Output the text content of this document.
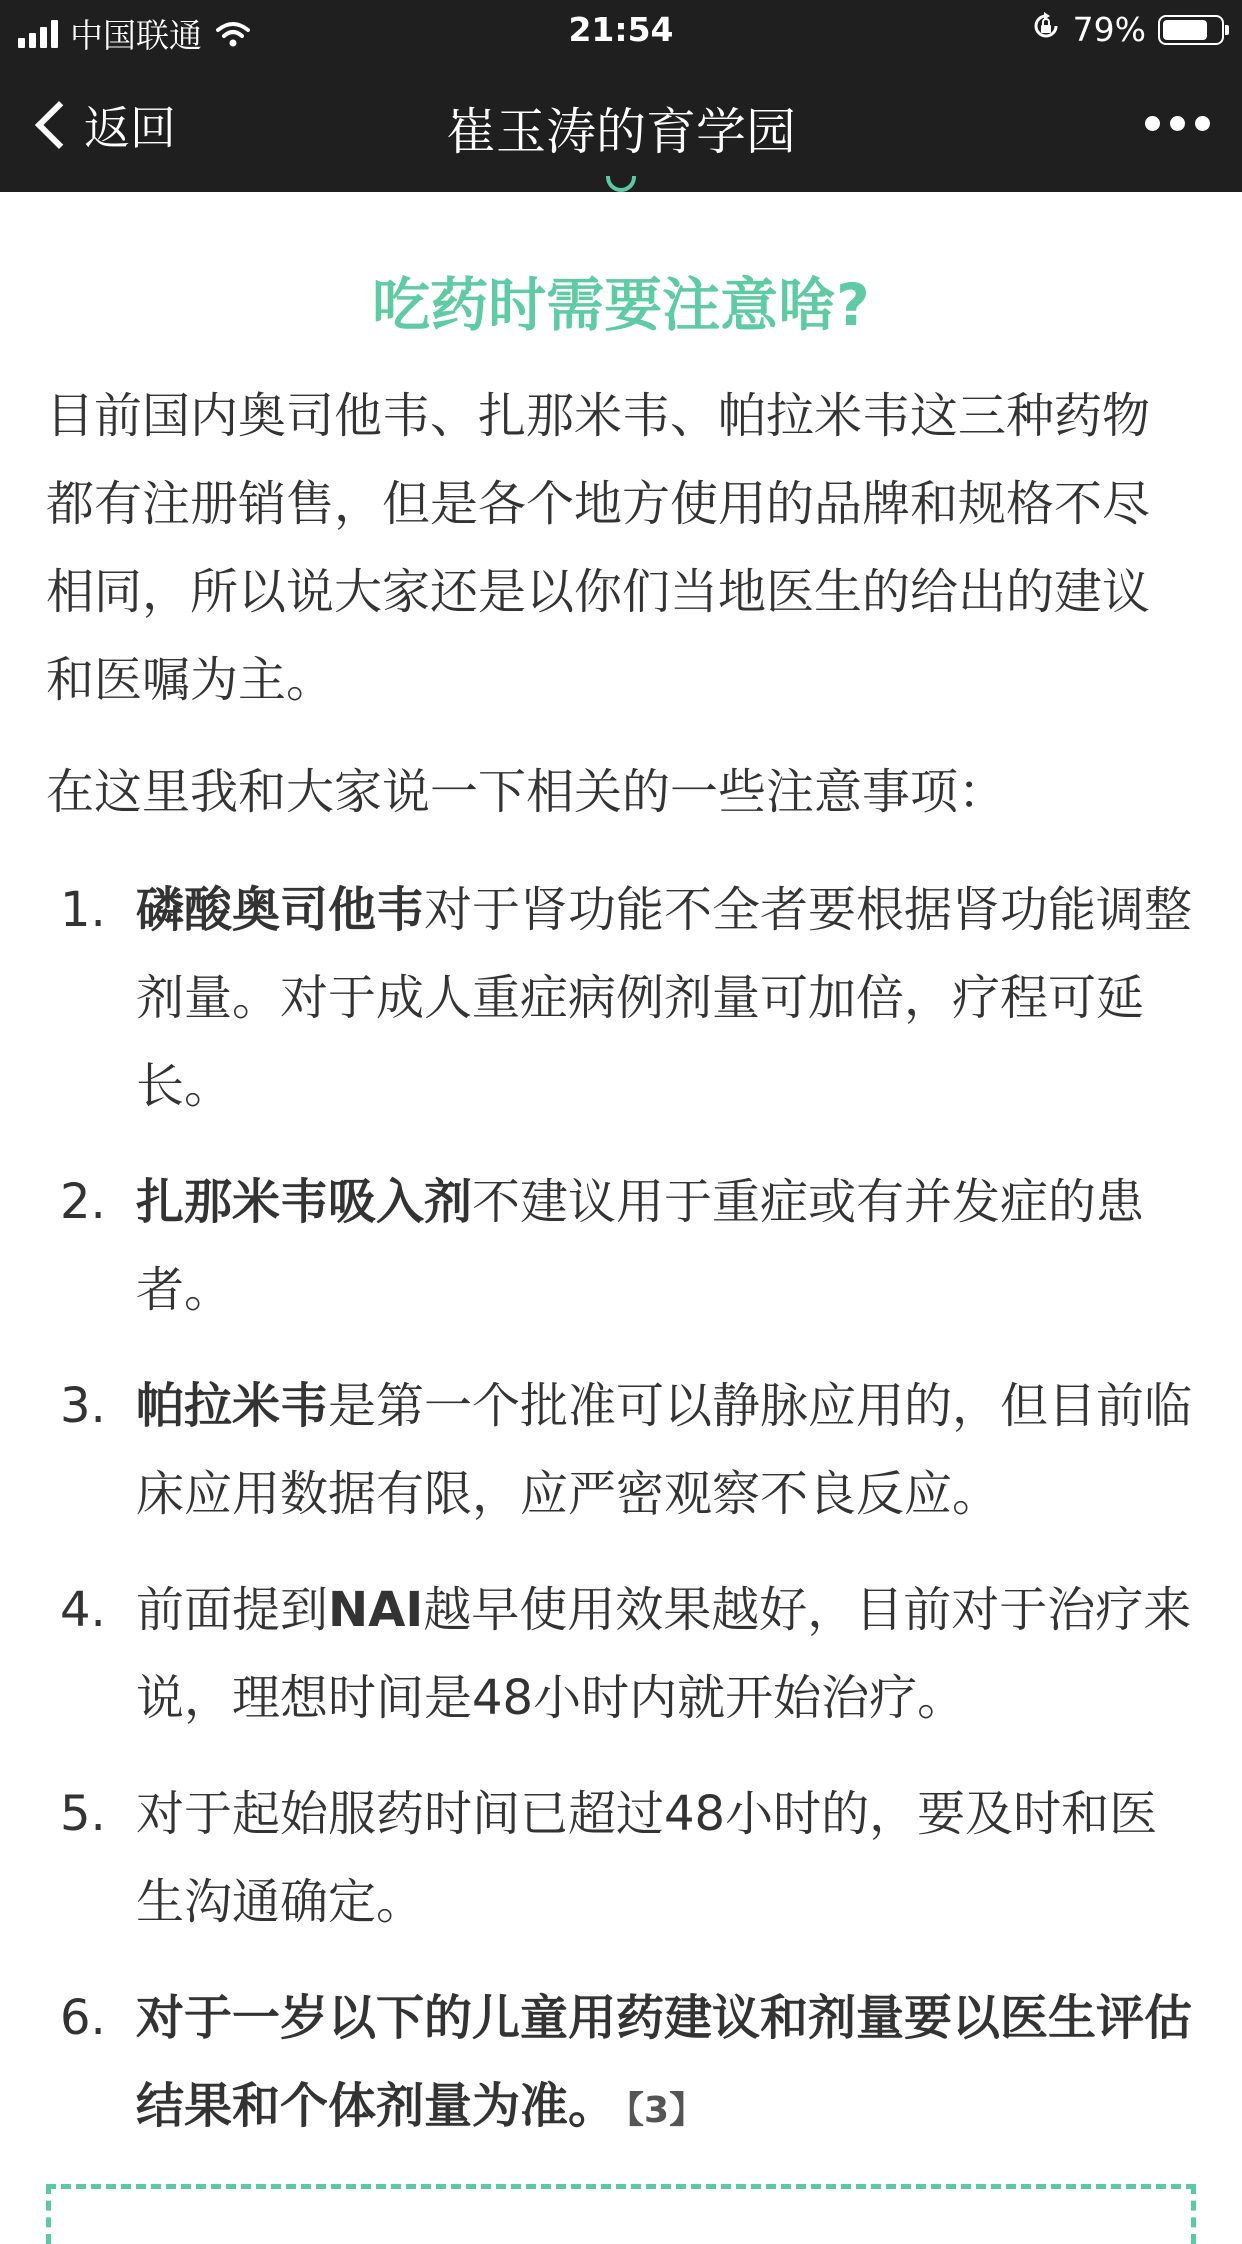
中国联通	21:54	79%
返回	崔玉涛的育学园
吃药时需要注意啥?

目前国内奥司他韦、扎那米韦、帕拉米韦这三种药物都有注册销售，但是各个地方使用的品牌和规格不尽相同，所以说大家还是以你们当地医生的给出的建议和医嘱为主。

在这里我和大家说一下相关的一些注意事项：

1. 磷酸奥司他韦对于肾功能不全者要根据肾功能调整剂量。对于成人重症病例剂量可加倍，疗程可延长。
2. 扎那米韦吸入剂不建议用于重症或有并发症的患者。
3. 帕拉米韦是第一个批准可以静脉应用的，但目前临床应用数据有限，应严密观察不良反应。
4. 前面提到NAI越早使用效果越好，目前对于治疗来说，理想时间是48小时内就开始治疗。
5. 对于起始服药时间已超过48小时的，要及时和医生沟通确定。
6. 对于一岁以下的儿童用药建议和剂量要以医生评估结果和个体剂量为准。 【3】
